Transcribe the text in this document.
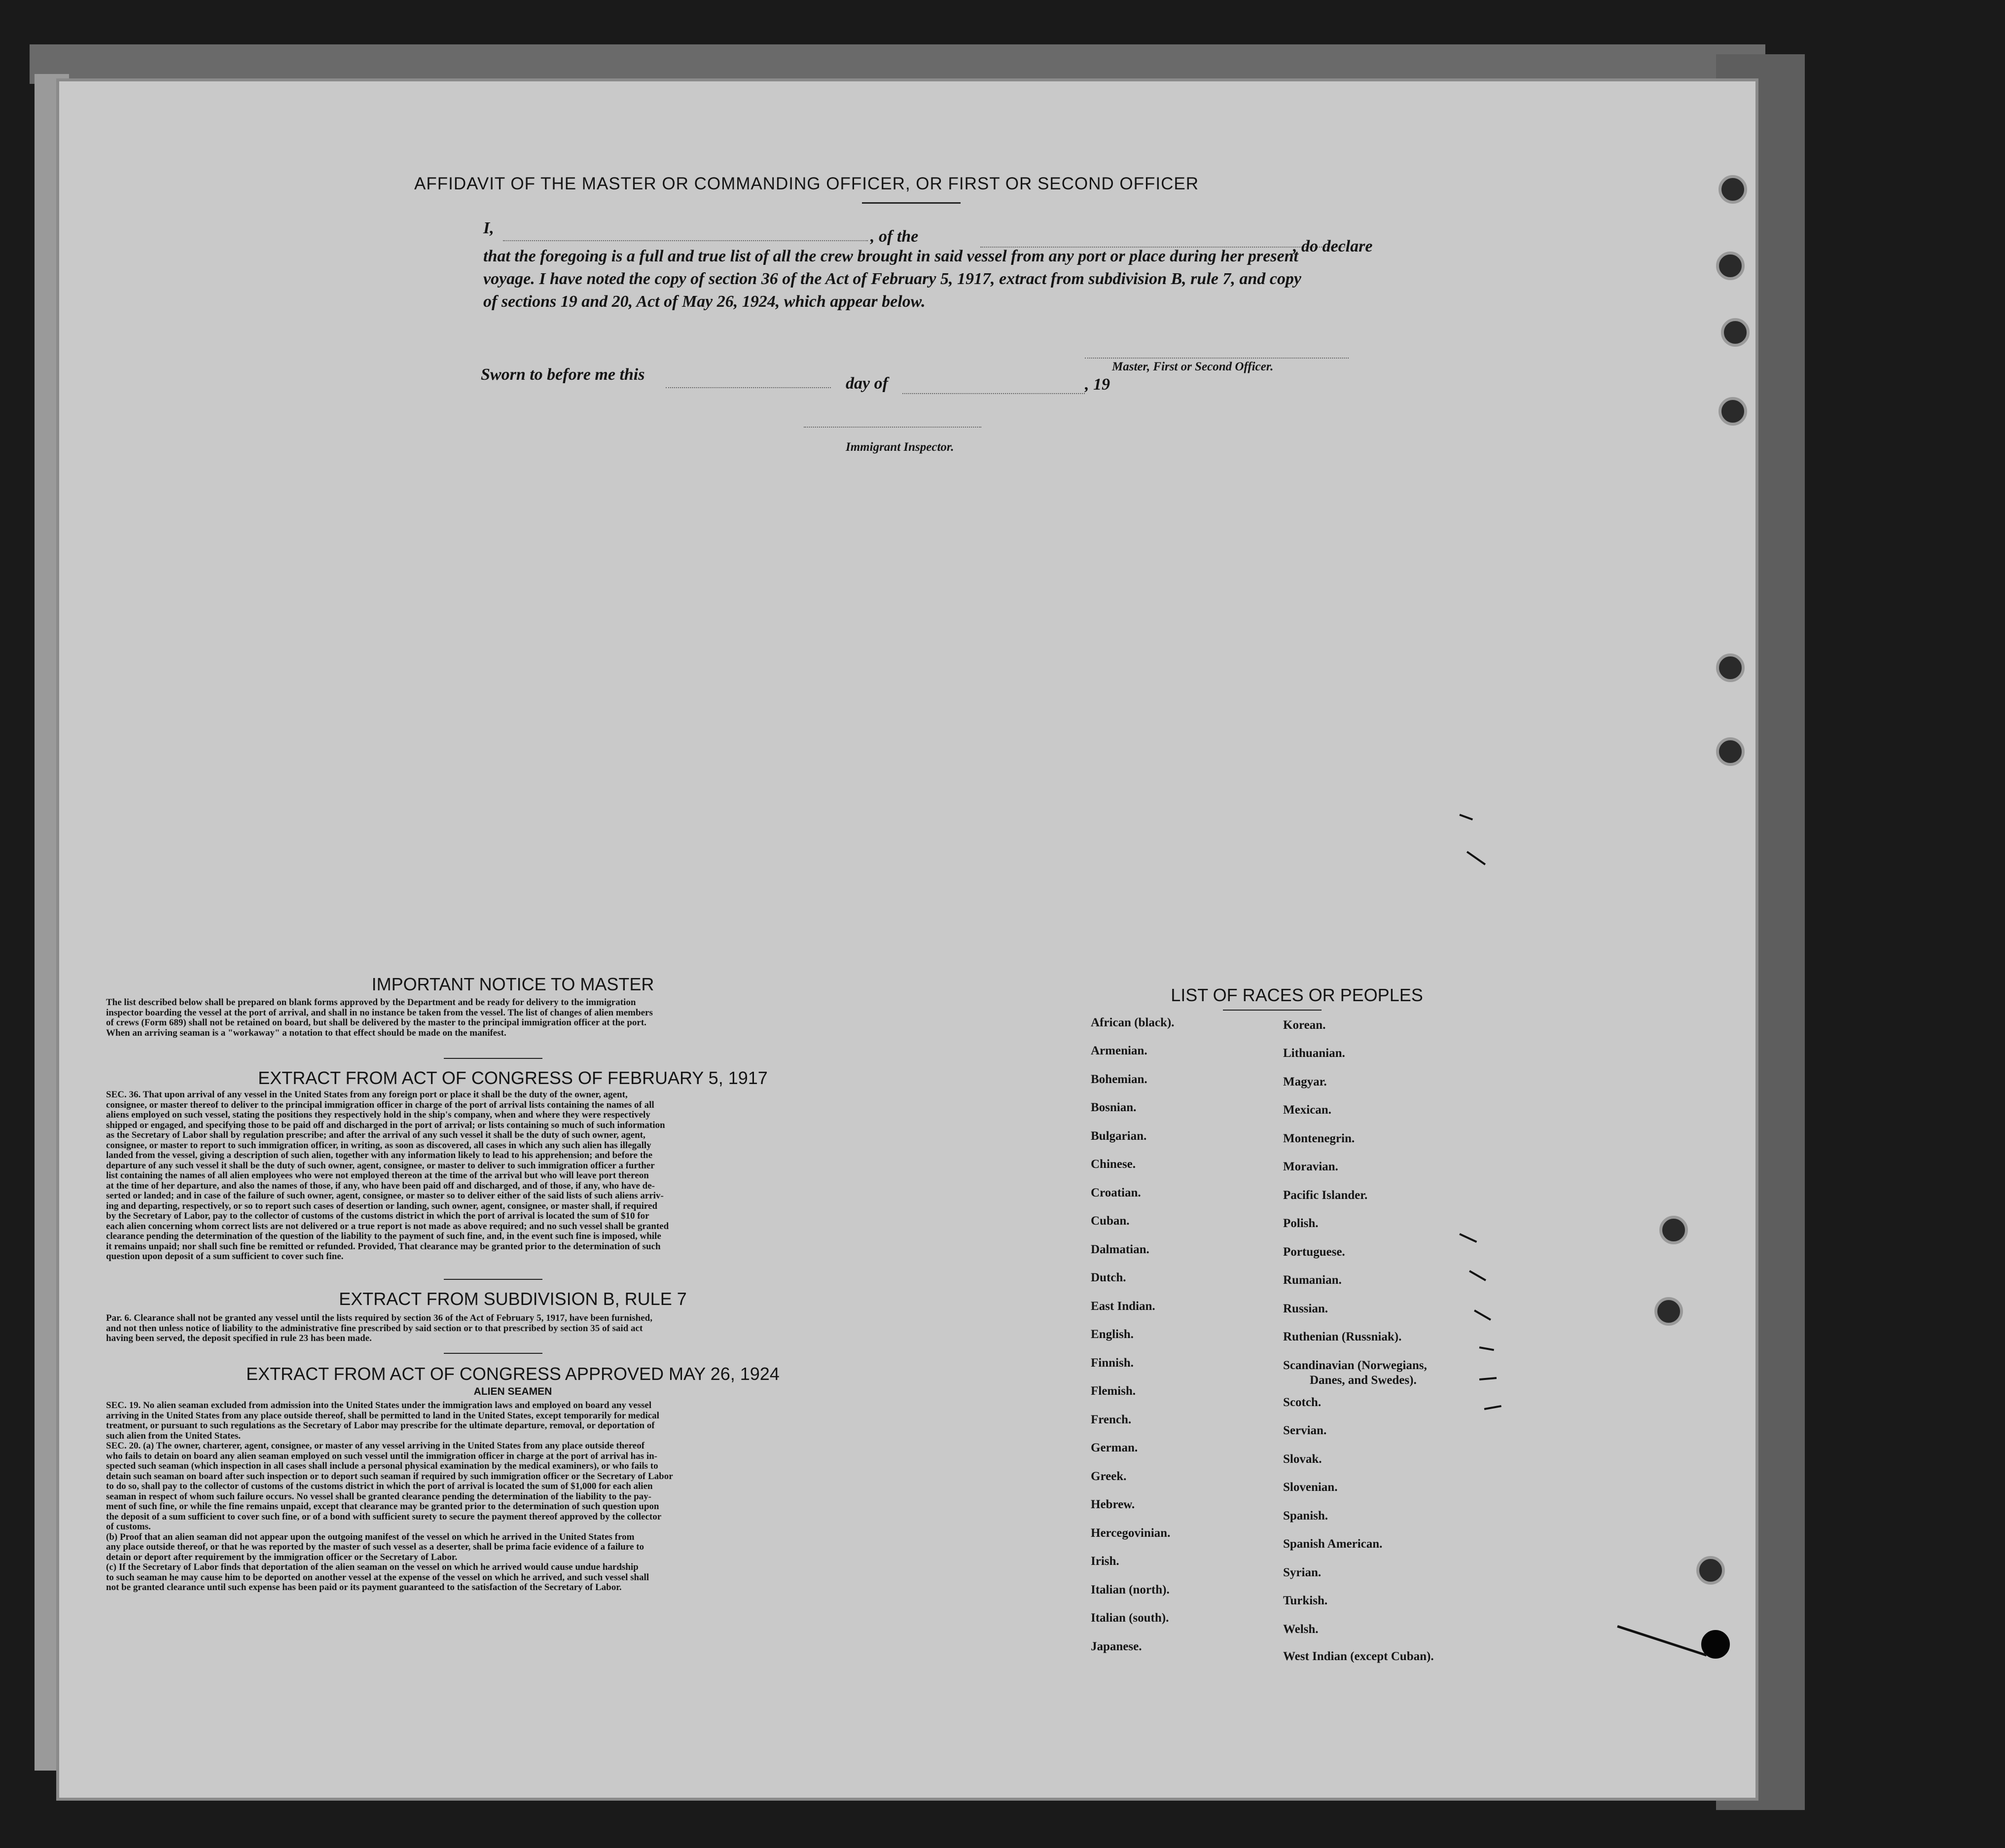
AFFIDAVIT OF THE MASTER OR COMMANDING OFFICER, OR FIRST OR SECOND OFFICER
I,	, of the
, do declare
that the foregoing is a full and true list of all the crew brought in said vessel from any port or place during her present
voyage. I have noted the copy of section 36 of the Act of February 5, 1917, extract from subdivision B, rule 7, and copy
of sections 19 and 20, Act of May 26, 1924, which appear below.
Master, First or Second Officer.
Sworn to before me this	day of	, 19
Immigrant Inspector.
IMPORTANT NOTICE TO MASTER
The list described below shall be prepared on blank forms approved by the Department and be ready for delivery to the immigration
inspector boarding the vessel at the port of arrival, and shall in no instance be taken from the vessel. The list of changes of alien members
of crews (Form 689) shall not be retained on board, but shall be delivered by the master to the principal immigration officer at the port.
When an arriving seaman is a "workaway" a notation to that effect should be made on the manifest.
EXTRACT FROM ACT OF CONGRESS OF FEBRUARY 5, 1917
SEC. 36. That upon arrival of any vessel in the United States from any foreign port or place it shall be the duty of the owner, agent,
consignee, or master thereof to deliver to the principal immigration officer in charge of the port of arrival lists containing the names of all
aliens employed on such vessel, stating the positions they respectively hold in the ship's company, when and where they were respectively
shipped or engaged, and specifying those to be paid off and discharged in the port of arrival; or lists containing so much of such information
as the Secretary of Labor shall by regulation prescribe; and after the arrival of any such vessel it shall be the duty of such owner, agent,
consignee, or master to report to such immigration officer, in writing, as soon as discovered, all cases in which any such alien has illegally
landed from the vessel, giving a description of such alien, together with any information likely to lead to his apprehension; and before the
departure of any such vessel it shall be the duty of such owner, agent, consignee, or master to deliver to such immigration officer a further
list containing the names of all alien employees who were not employed thereon at the time of the arrival but who will leave port thereon
at the time of her departure, and also the names of those, if any, who have been paid off and discharged, and of those, if any, who have de-
serted or landed; and in case of the failure of such owner, agent, consignee, or master so to deliver either of the said lists of such aliens arriv-
ing and departing, respectively, or so to report such cases of desertion or landing, such owner, agent, consignee, or master shall, if required
by the Secretary of Labor, pay to the collector of customs of the customs district in which the port of arrival is located the sum of $10 for
each alien concerning whom correct lists are not delivered or a true report is not made as above required; and no such vessel shall be granted
clearance pending the determination of the question of the liability to the payment of such fine, and, in the event such fine is imposed, while
it remains unpaid; nor shall such fine be remitted or refunded. Provided, That clearance may be granted prior to the determination of such
question upon deposit of a sum sufficient to cover such fine.
EXTRACT FROM SUBDIVISION B, RULE 7
Par. 6. Clearance shall not be granted any vessel until the lists required by section 36 of the Act of February 5, 1917, have been furnished,
and not then unless notice of liability to the administrative fine prescribed by said section or to that prescribed by section 35 of said act
having been served, the deposit specified in rule 23 has been made.
EXTRACT FROM ACT OF CONGRESS APPROVED MAY 26, 1924
ALIEN SEAMEN
SEC. 19. No alien seaman excluded from admission into the United States under the immigration laws and employed on board any vessel
arriving in the United States from any place outside thereof, shall be permitted to land in the United States, except temporarily for medical
treatment, or pursuant to such regulations as the Secretary of Labor may prescribe for the ultimate departure, removal, or deportation of
such alien from the United States.
SEC. 20. (a) The owner, charterer, agent, consignee, or master of any vessel arriving in the United States from any place outside thereof
who fails to detain on board any alien seaman employed on such vessel until the immigration officer in charge at the port of arrival has in-
spected such seaman (which inspection in all cases shall include a personal physical examination by the medical examiners), or who fails to
detain such seaman on board after such inspection or to deport such seaman if required by such immigration officer or the Secretary of Labor
to do so, shall pay to the collector of customs of the customs district in which the port of arrival is located the sum of $1,000 for each alien
seaman in respect of whom such failure occurs. No vessel shall be granted clearance pending the determination of the liability to the pay-
ment of such fine, or while the fine remains unpaid, except that clearance may be granted prior to the determination of such question upon
the deposit of a sum sufficient to cover such fine, or of a bond with sufficient surety to secure the payment thereof approved by the collector
of customs.
(b) Proof that an alien seaman did not appear upon the outgoing manifest of the vessel on which he arrived in the United States from
any place outside thereof, or that he was reported by the master of such vessel as a deserter, shall be prima facie evidence of a failure to
detain or deport after requirement by the immigration officer or the Secretary of Labor.
(c) If the Secretary of Labor finds that deportation of the alien seaman on the vessel on which he arrived would cause undue hardship
to such seaman he may cause him to be deported on another vessel at the expense of the vessel on which he arrived, and such vessel shall
not be granted clearance until such expense has been paid or its payment guaranteed to the satisfaction of the Secretary of Labor.
LIST OF RACES OR PEOPLES
African (black).
Armenian.
Bohemian.
Bosnian.
Bulgarian.
Chinese.
Croatian.
Cuban.
Dalmatian.
Dutch.
East Indian.
English.
Finnish.
Flemish.
French.
German.
Greek.
Hebrew.
Hercegovinian.
Irish.
Italian (north).
Italian (south).
Japanese.
Korean.
Lithuanian.
Magyar.
Mexican.
Montenegrin.
Moravian.
Pacific Islander.
Polish.
Portuguese.
Rumanian.
Russian.
Ruthenian (Russniak).
Scandinavian (Norwegians,
Danes, and Swedes).
Scotch.
Servian.
Slovak.
Slovenian.
Spanish.
Spanish American.
Syrian.
Turkish.
Welsh.
West Indian (except Cuban).
